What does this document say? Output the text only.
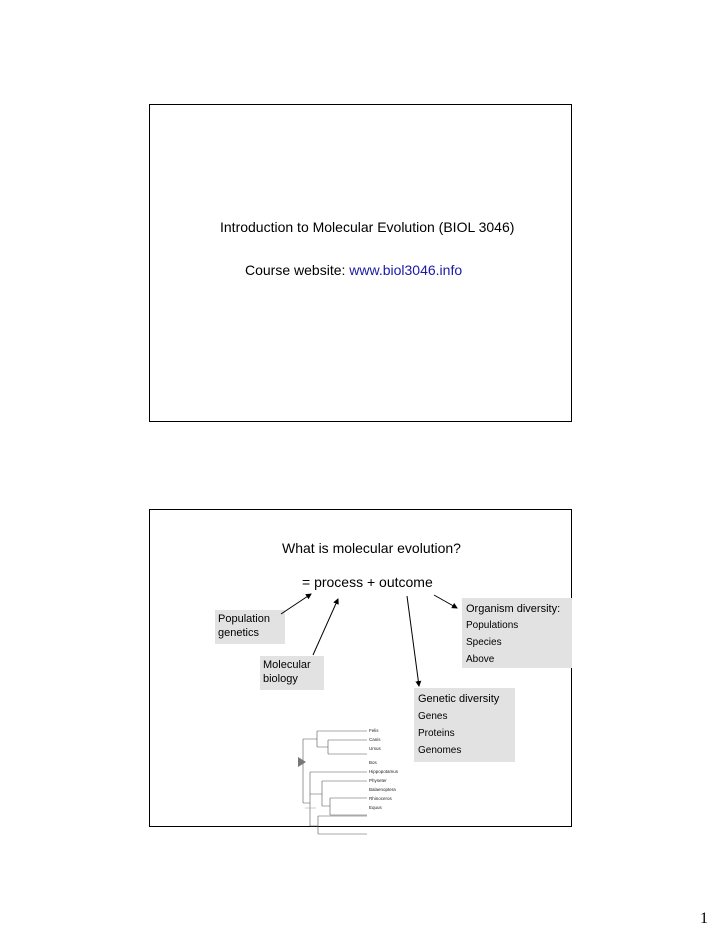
Introduction to Molecular Evolution (BIOL 3046)
Course website: www.biol3046.info
What is molecular evolution?
= process + outcome
Population
genetics
Molecular
biology
Organism diversity:
Populations
Species
Above
Genetic diversity
Genes
Proteins
Genomes
Felis
Canis
Ursus
Bos
Hippopotamus
Physeter
Balaenoptera
Rhinoceros
Equus
1
